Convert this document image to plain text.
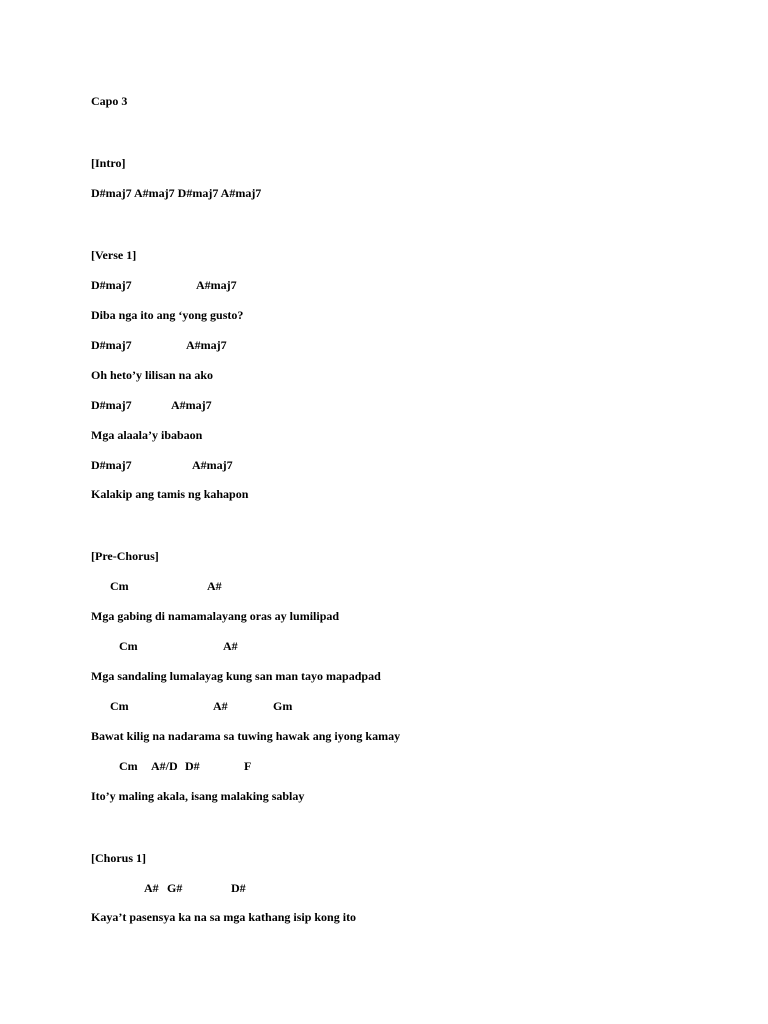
Capo 3
[Intro]
D#maj7 A#maj7 D#maj7 A#maj7
[Verse 1]
D#maj7	A#maj7
Diba nga ito ang ‘yong gusto?
D#maj7	A#maj7
Oh heto’y lilisan na ako
D#maj7	A#maj7
Mga alaala’y ibabaon
D#maj7	A#maj7
Kalakip ang tamis ng kahapon
[Pre-Chorus]
Cm	A#
Mga gabing di namamalayang oras ay lumilipad
Cm	A#
Mga sandaling lumalayag kung san man tayo mapadpad
Cm	A#	Gm
Bawat kilig na nadarama sa tuwing hawak ang iyong kamay
Cm A#/D D#	F
Ito’y maling akala, isang malaking sablay
[Chorus 1]
A# G#	D#
Kaya’t pasensya ka na sa mga kathang isip kong ito
